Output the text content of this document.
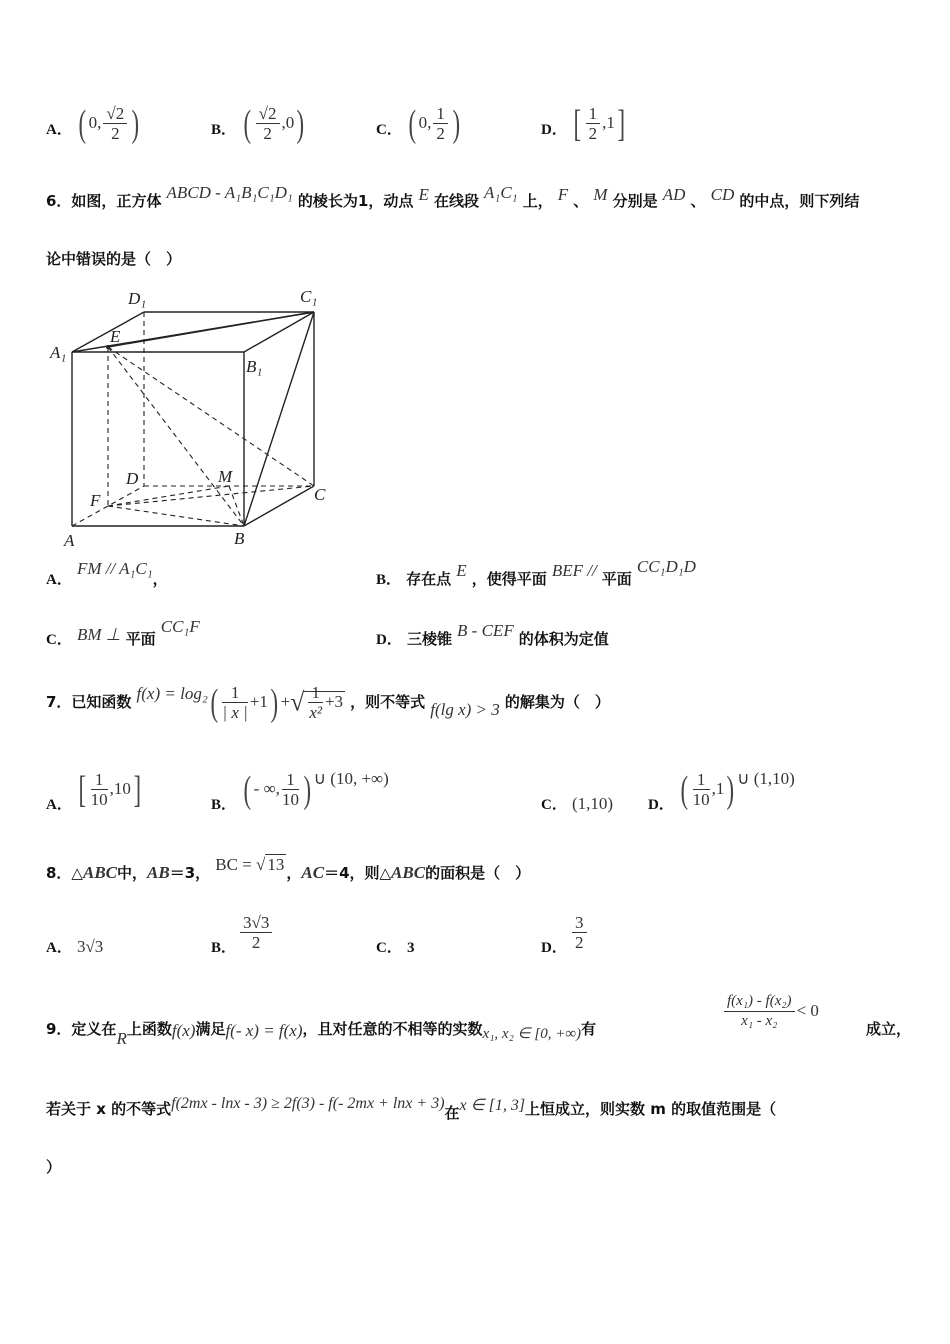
A． ( 0, $\frac{√2}{2}$ )	B． ( $\frac{√2}{2} ,0$)	C． ( 0, $\frac{1}{2}$ )	D． [ $\frac{1}{2} ,1$]
6．如图，正方体 ABCD - A₁B₁C₁D₁ 的棱长为1，动点 E 在线段 A₁C₁ 上， F 、 M 分别是 AD 、 CD 的中点，则下列结
论中错误的是（　）
A₁
B₁
C₁
D₁
A	B
C
D
E
F
M
A． FM // A₁C₁，	B． 存在点 E ，使得平面 BEF // 平面 CC₁D₁D
C． BM ⊥ 平面 CC₁F
D． 三棱锥 B - CEF 的体积为定值
7．已知函数 $f(x) = \log_2( \frac{1}{| x |} +1)$ +√ $\frac{1}{\text{x²}} +3$ ，则不等式 f(lg x) > 3 的解集为（　）
A． [ $\frac{1}{10} ,10$]	B． ( - ∞, $\frac{1}{10}$ ) ∪ (10, +∞)
C． (1,10) D． ( $\frac{1}{10} ,1$) ∪ (1,10)
8．△ABC中，AB＝3， BC = √ 13 ，AC＝4，则△ABC的面积是（　）
A． 3√3	B． $\frac{3√3}{2}$	C． 3	D． $\frac{3}{2}$
9．定义在R上函数f(x)满足f(- x) = f(x)，且对任意的不相等的实数x₁, x₂ ∈ [0, +∞)有	$\frac{\text{f(x₁) - f(x₂)}}{\text{x₁ - x₂}} < 0$
成立，
若关于 x 的不等式f(2mx - lnx - 3) ≥ 2f(3) - f(- 2mx + lnx + 3)在x ∈ [1, 3]上恒成立，则实数 m 的取值范围是（
）
